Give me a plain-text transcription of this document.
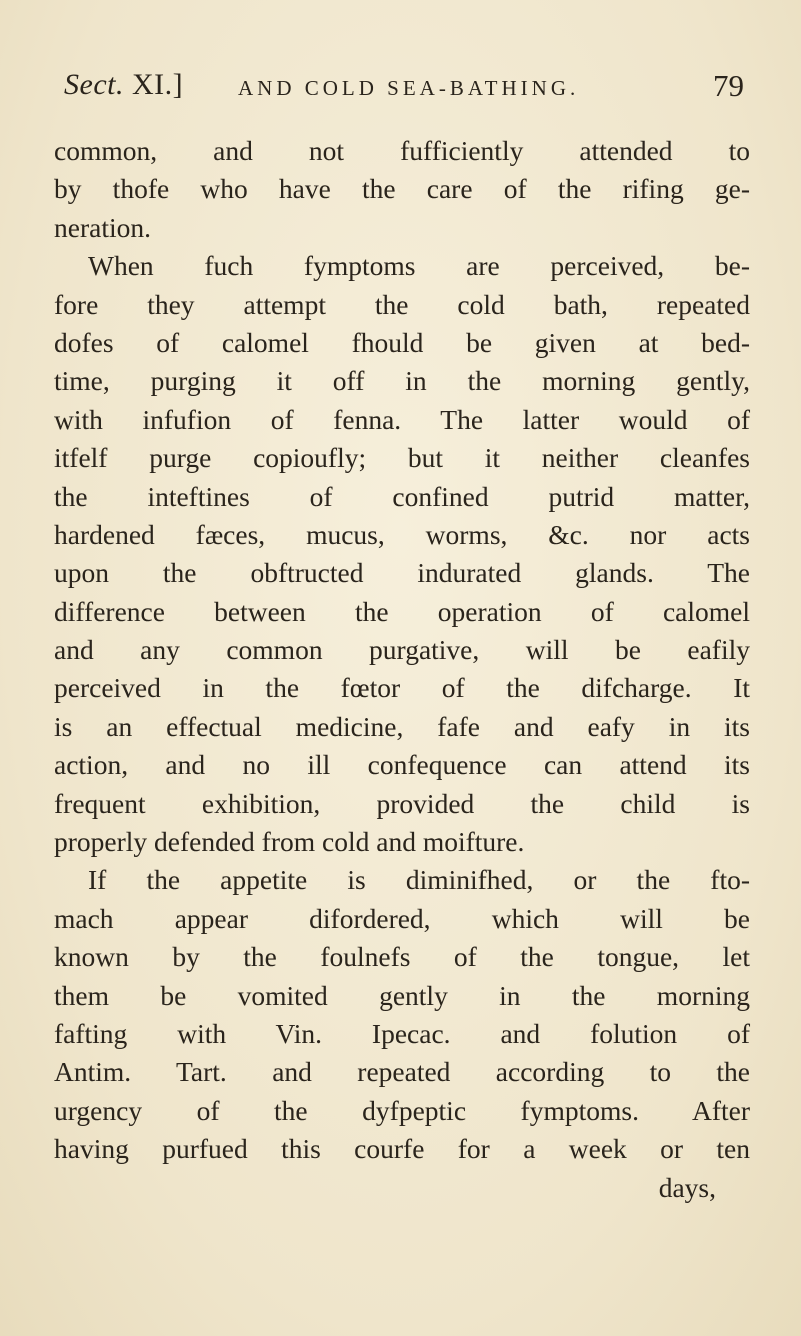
Sect. XI.]	AND COLD SEA-BATHING.	79
common, and not fufficiently attended to
by thofe who have the care of the rifing ge-
neration.
When fuch fymptoms are perceived, be-
fore they attempt the cold bath, repeated
dofes of calomel fhould be given at bed-
time, purging it off in the morning gently,
with infufion of fenna. The latter would of
itfelf purge copioufly; but it neither cleanfes
the inteftines of confined putrid matter,
hardened fæces, mucus, worms, &c. nor acts
upon the obftructed indurated glands. The
difference between the operation of calomel
and any common purgative, will be eafily
perceived in the fœtor of the difcharge. It
is an effectual medicine, fafe and eafy in its
action, and no ill confequence can attend its
frequent exhibition, provided the child is
properly defended from cold and moifture.
If the appetite is diminifhed, or the fto-
mach appear difordered, which will be
known by the foulnefs of the tongue, let
them be vomited gently in the morning
fafting with Vin. Ipecac. and folution of
Antim. Tart. and repeated according to the
urgency of the dyfpeptic fymptoms. After
having purfued this courfe for a week or ten
days,
